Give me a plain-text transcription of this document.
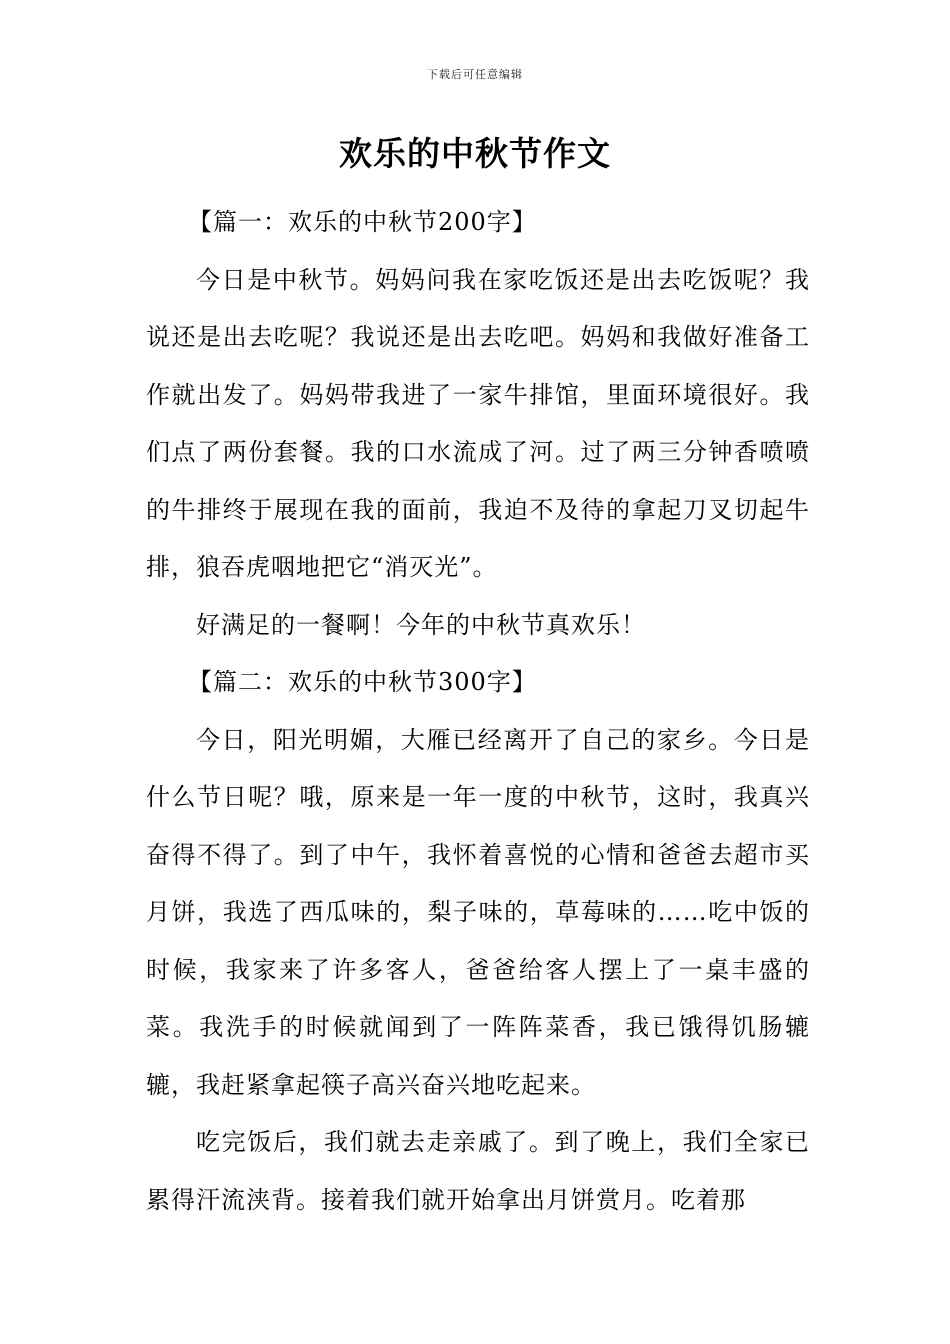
下载后可任意编辑
欢乐的中秋节作文

【篇一：欢乐的中秋节200字】

今日是中秋节。妈妈问我在家吃饭还是出去吃饭呢？我说还是出去吃呢？我说还是出去吃吧。妈妈和我做好准备工作就出发了。妈妈带我进了一家牛排馆，里面环境很好。我们点了两份套餐。我的口水流成了河。过了两三分钟香喷喷的牛排终于展现在我的面前，我迫不及待的拿起刀叉切起牛排，狼吞虎咽地把它“消灭光”。

好满足的一餐啊！今年的中秋节真欢乐！

【篇二：欢乐的中秋节300字】

今日，阳光明媚，大雁已经离开了自己的家乡。今日是什么节日呢？哦，原来是一年一度的中秋节，这时，我真兴奋得不得了。到了中午，我怀着喜悦的心情和爸爸去超市买月饼，我选了西瓜味的，梨子味的，草莓味的……吃中饭的时候，我家来了许多客人，爸爸给客人摆上了一桌丰盛的菜。我洗手的时候就闻到了一阵阵菜香，我已饿得饥肠辘辘，我赶紧拿起筷子高兴奋兴地吃起来。

吃完饭后，我们就去走亲戚了。到了晚上，我们全家已累得汗流浃背。接着我们就开始拿出月饼赏月。吃着那
